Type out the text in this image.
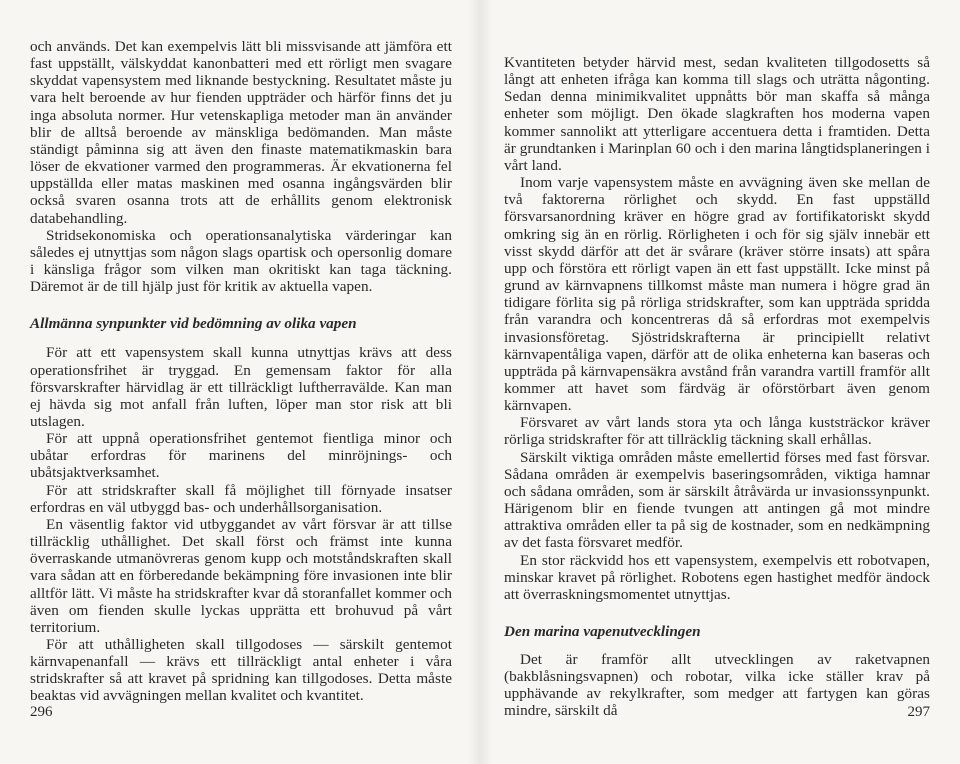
och används. Det kan exempelvis lätt bli missvisande att jämföra ett fast uppställt, välskyddat kanonbatteri med ett rörligt men svagare skyddat vapensystem med liknande bestyckning. Resultatet måste ju vara helt beroende av hur fienden uppträder och härför finns det ju inga absoluta normer. Hur vetenskapliga metoder man än använder blir de alltså beroende av mänskliga bedömanden. Man måste ständigt påminna sig att även den finaste matematikmaskin bara löser de ekvationer varmed den programmeras. Är ekvationerna fel uppställda eller matas maskinen med osanna ingångsvärden blir också svaren osanna trots att de erhållits genom elektronisk databehandling.

Stridsekonomiska och operationsanalytiska värderingar kan således ej utnyttjas som någon slags opartisk och opersonlig domare i känsliga frågor som vilken man okritiskt kan taga täckning. Däremot är de till hjälp just för kritik av aktuella vapen.

Allmänna synpunkter vid bedömning av olika vapen

För att ett vapensystem skall kunna utnyttjas krävs att dess operationsfrihet är tryggad. En gemensam faktor för alla försvarskrafter härvidlag är ett tillräckligt luftherravälde. Kan man ej hävda sig mot anfall från luften, löper man stor risk att bli utslagen.

För att uppnå operationsfrihet gentemot fientliga minor och ubåtar erfordras för marinens del minröjnings- och ubåtsjaktverksamhet.

För att stridskrafter skall få möjlighet till förnyade insatser erfordras en väl utbyggd bas- och underhållsorganisation.

En väsentlig faktor vid utbyggandet av vårt försvar är att tillse tillräcklig uthållighet. Det skall först och främst inte kunna överraskande utmanövreras genom kupp och motståndskraften skall vara sådan att en förberedande bekämpning före invasionen inte blir alltför lätt. Vi måste ha stridskrafter kvar då storanfallet kommer och även om fienden skulle lyckas upprätta ett brohuvud på vårt territorium.

För att uthålligheten skall tillgodoses — särskilt gentemot kärnvapenanfall — krävs ett tillräckligt antal enheter i våra stridskrafter så att kravet på spridning kan tillgodoses. Detta måste beaktas vid avvägningen mellan kvalitet och kvantitet.

296

Kvantiteten betyder härvid mest, sedan kvaliteten tillgodosetts så långt att enheten ifråga kan komma till slags och uträtta någonting. Sedan denna minimikvalitet uppnåtts bör man skaffa så många enheter som möjligt. Den ökade slagkraften hos moderna vapen kommer sannolikt att ytterligare accentuera detta i framtiden. Detta är grundtanken i Marinplan 60 och i den marina långtidsplaneringen i vårt land.

Inom varje vapensystem måste en avvägning även ske mellan de två faktorerna rörlighet och skydd. En fast uppställd försvarsanordning kräver en högre grad av fortifikatoriskt skydd omkring sig än en rörlig. Rörligheten i och för sig själv innebär ett visst skydd därför att det är svårare (kräver större insats) att spåra upp och förstöra ett rörligt vapen än ett fast uppställt. Icke minst på grund av kärnvapnens tillkomst måste man numera i högre grad än tidigare förlita sig på rörliga stridskrafter, som kan uppträda spridda från varandra och koncentreras då så erfordras mot exempelvis invasionsföretag. Sjöstridskrafterna är principiellt relativt kärnvapentåliga vapen, därför att de olika enheterna kan baseras och uppträda på kärnvapensäkra avstånd från varandra vartill framför allt kommer att havet som färdväg är oförstörbart även genom kärnvapen.

Försvaret av vårt lands stora yta och långa kuststräckor kräver rörliga stridskrafter för att tillräcklig täckning skall erhållas.

Särskilt viktiga områden måste emellertid förses med fast försvar. Sådana områden är exempelvis baseringsområden, viktiga hamnar och sådana områden, som är särskilt åtråvärda ur invasionssynpunkt. Härigenom blir en fiende tvungen att antingen gå mot mindre attraktiva områden eller ta på sig de kostnader, som en nedkämpning av det fasta försvaret medför.

En stor räckvidd hos ett vapensystem, exempelvis ett robotvapen, minskar kravet på rörlighet. Robotens egen hastighet medför ändock att överraskningsmomentet utnyttjas.

Den marina vapenutvecklingen

Det är framför allt utvecklingen av raketvapnen (bakblåsningsvapnen) och robotar, vilka icke ställer krav på upphävande av rekylkrafter, som medger att fartygen kan göras mindre, särskilt då	297
